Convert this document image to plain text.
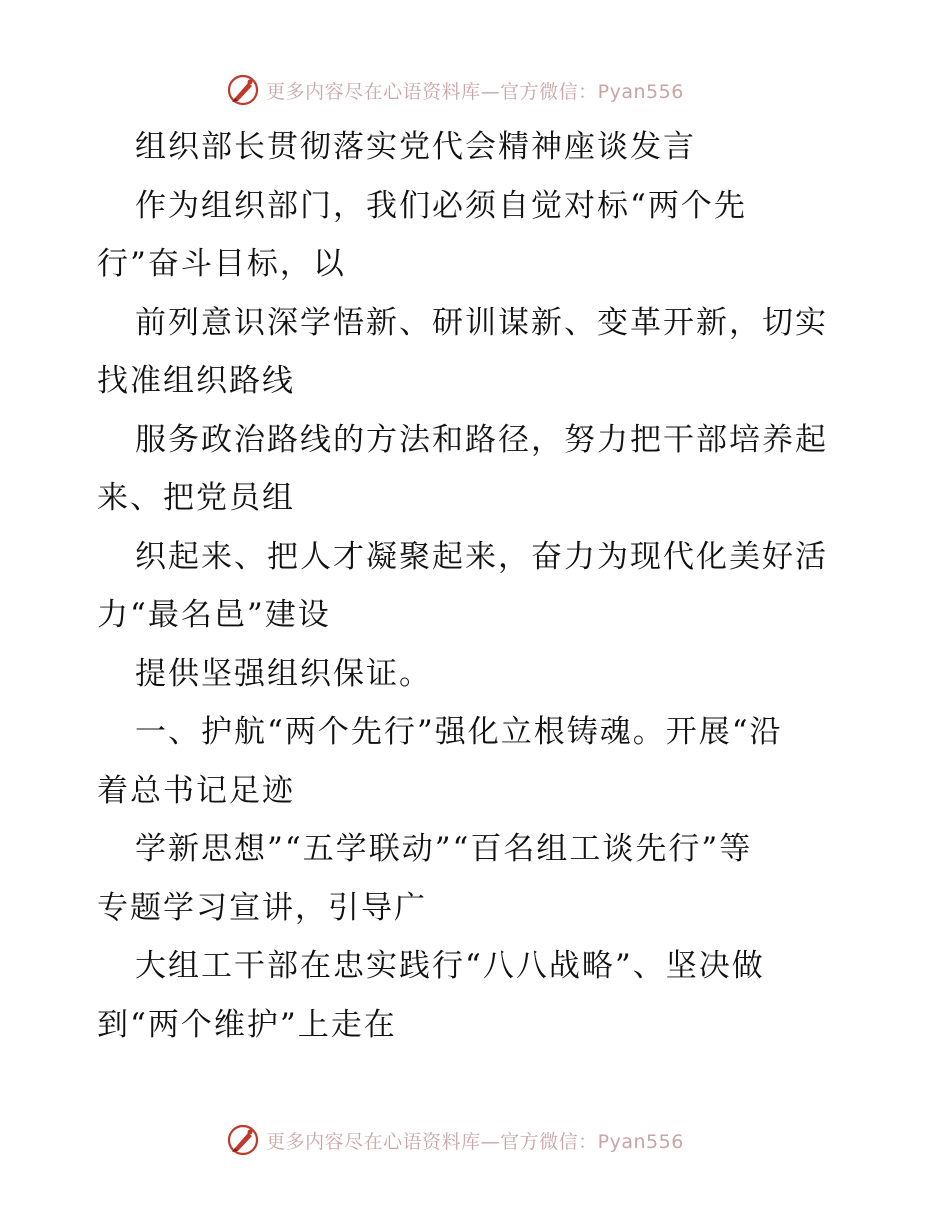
更多内容尽在心语资料库—官方微信：Pyan556
组织部长贯彻落实党代会精神座谈发言
作为组织部门，我们必须自觉对标“两个先
行”奋斗目标，以
前列意识深学悟新、研训谋新、变革开新，切实
找准组织路线
服务政治路线的方法和路径，努力把干部培养起
来、把党员组
织起来、把人才凝聚起来，奋力为现代化美好活
力“最名邑”建设
提供坚强组织保证。
一、护航“两个先行”强化立根铸魂。开展“沿
着总书记足迹
学新思想”“五学联动”“百名组工谈先行”等
专题学习宣讲，引导广
大组工干部在忠实践行“八八战略”、坚决做
到“两个维护”上走在
更多内容尽在心语资料库—官方微信：Pyan556
